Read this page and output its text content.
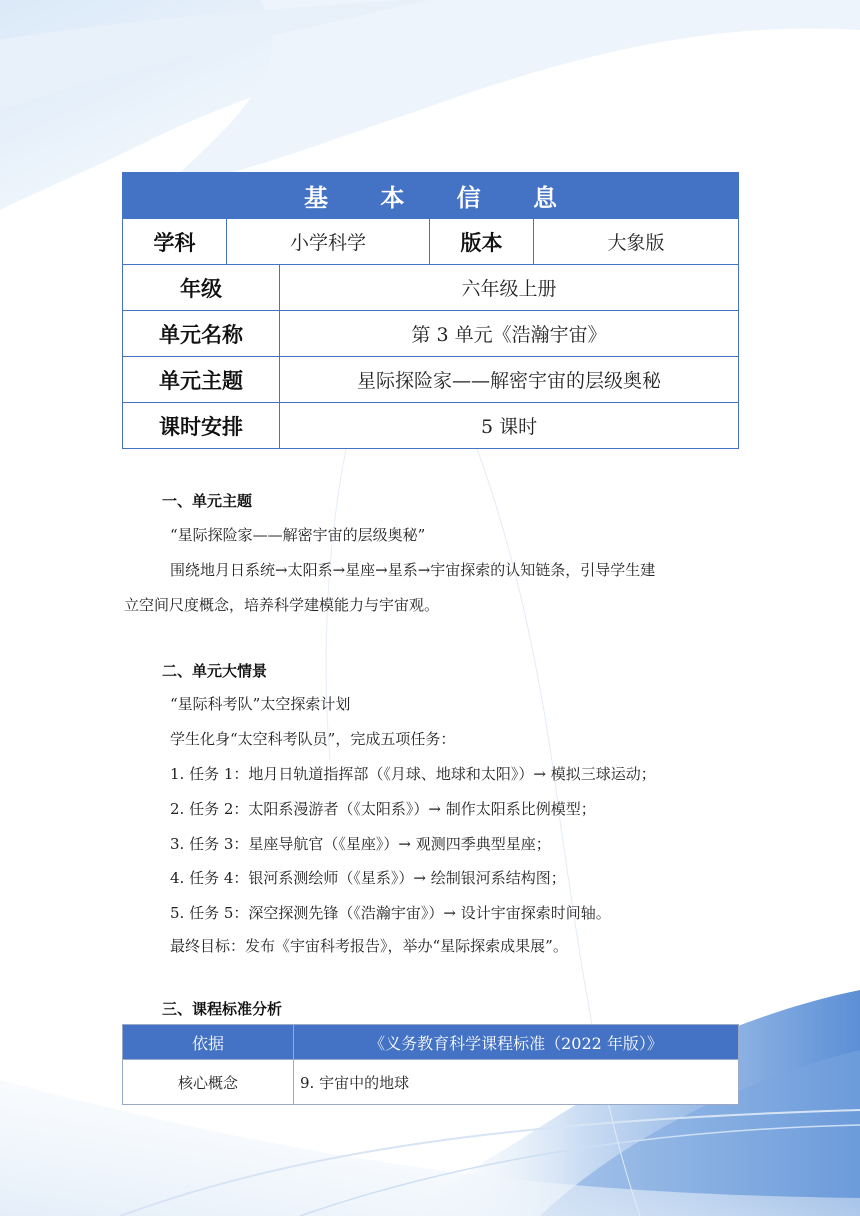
基 本 信 息				
学科	小学科学		版本	大象版
年级		六年级上册		
单元名称		第 3 单元《浩瀚宇宙》		
单元主题		星际探险家——解密宇宙的层级奥秘		
课时安排		5 课时		
一、单元主题
“星际探险家——解密宇宙的层级奥秘”
围绕地月日系统→太阳系→星座→星系→宇宙探索的认知链条，引导学生建
立空间尺度概念，培养科学建模能力与宇宙观。
二、单元大情景
“星际科考队”太空探索计划
学生化身“太空科考队员”，完成五项任务：
1. 任务 1：地月日轨道指挥部（《月球、地球和太阳》）→ 模拟三球运动；
2. 任务 2：太阳系漫游者（《太阳系》）→ 制作太阳系比例模型；
3. 任务 3：星座导航官（《星座》）→ 观测四季典型星座；
4. 任务 4：银河系测绘师（《星系》）→ 绘制银河系结构图；
5. 任务 5：深空探测先锋（《浩瀚宇宙》）→ 设计宇宙探索时间轴。
最终目标：发布《宇宙科考报告》，举办“星际探索成果展”。
三、课程标准分析
依据	《义务教育科学课程标准（2022 年版）》
核心概念	9. 宇宙中的地球
